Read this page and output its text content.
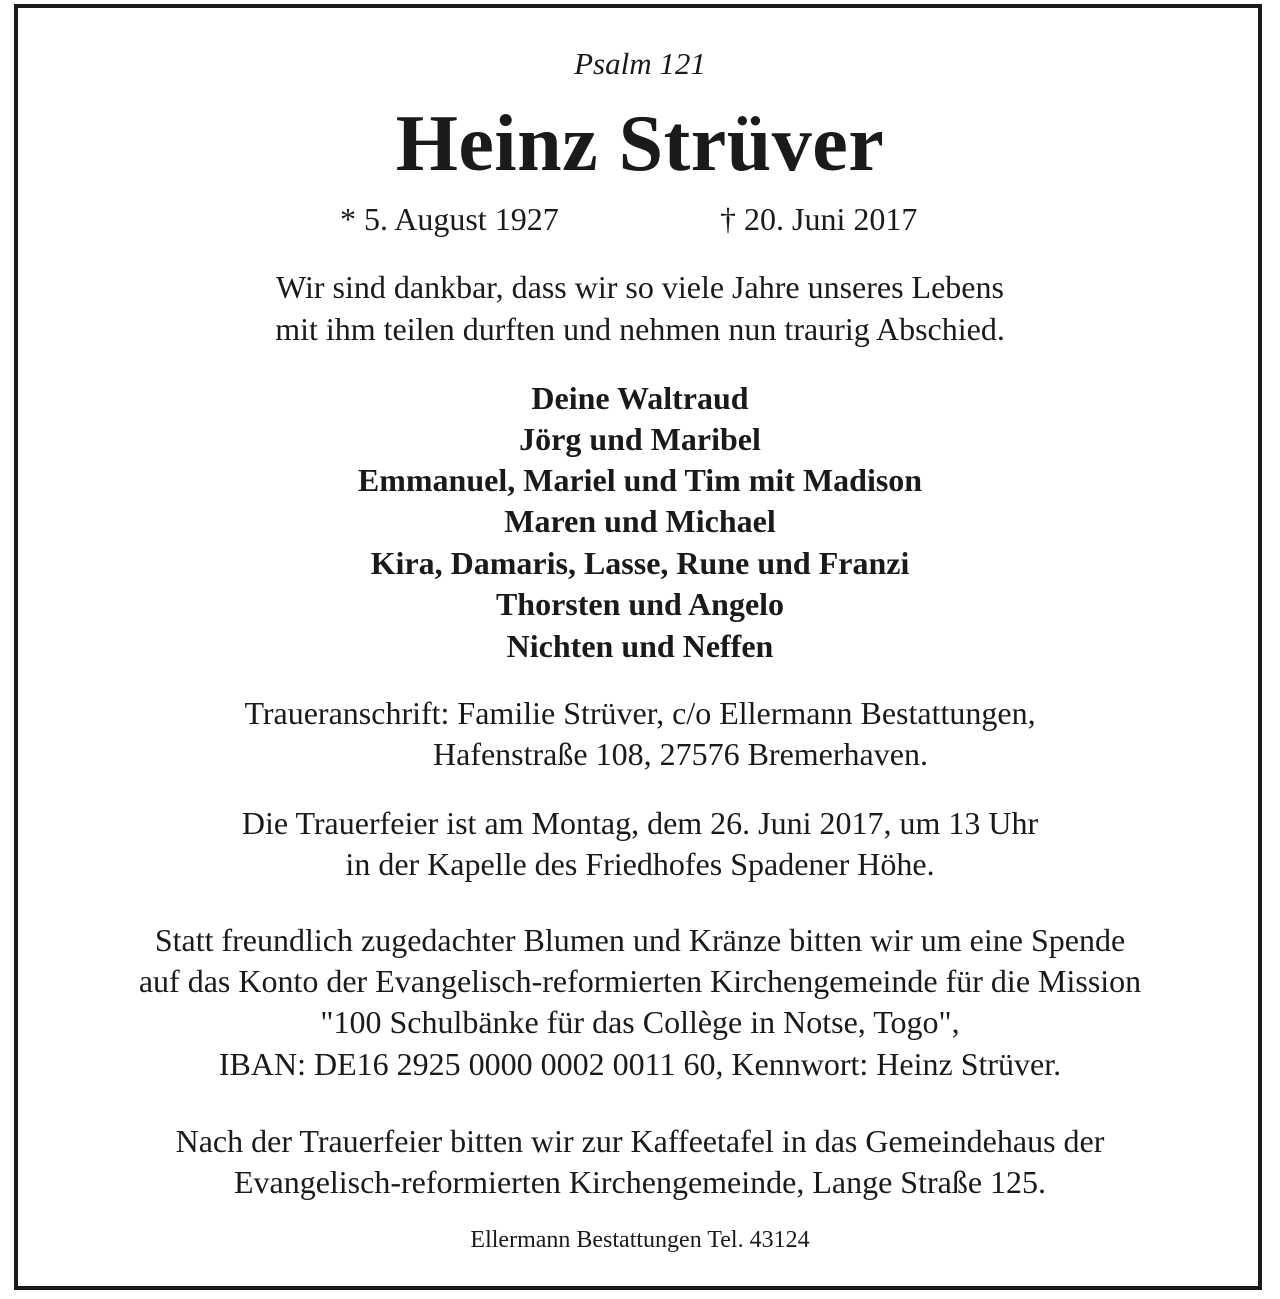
Psalm 121
Heinz Strüver
* 5. August 1927	† 20. Juni 2017
Wir sind dankbar, dass wir so viele Jahre unseres Lebens
mit ihm teilen durften und nehmen nun traurig Abschied.
Deine Waltraud
Jörg und Maribel
Emmanuel, Mariel und Tim mit Madison
Maren und Michael
Kira, Damaris, Lasse, Rune und Franzi
Thorsten und Angelo
Nichten und Neffen
Traueranschrift: Familie Strüver, c/o Ellermann Bestattungen,
Hafenstraße 108, 27576 Bremerhaven.
Die Trauerfeier ist am Montag, dem 26. Juni 2017, um 13 Uhr
in der Kapelle des Friedhofes Spadener Höhe.
Statt freundlich zugedachter Blumen und Kränze bitten wir um eine Spende
auf das Konto der Evangelisch-reformierten Kirchengemeinde für die Mission
"100 Schulbänke für das Collège in Notse, Togo",
IBAN: DE16 2925 0000 0002 0011 60, Kennwort: Heinz Strüver.
Nach der Trauerfeier bitten wir zur Kaffeetafel in das Gemeindehaus der
Evangelisch-reformierten Kirchengemeinde, Lange Straße 125.
Ellermann Bestattungen Tel. 43124
